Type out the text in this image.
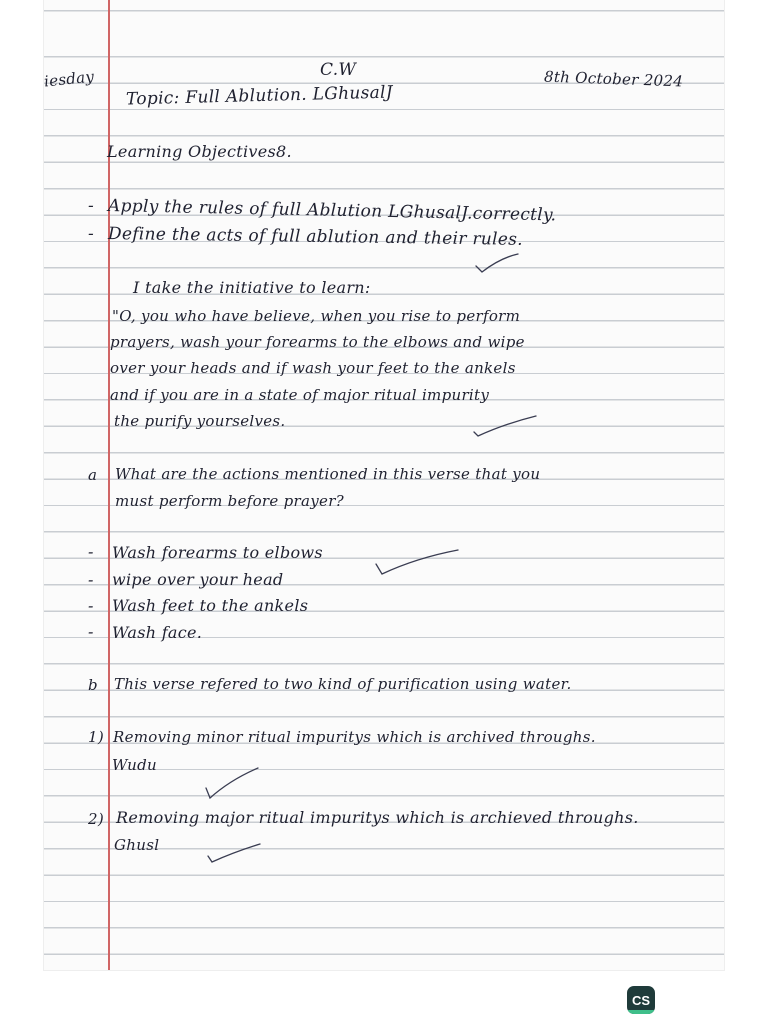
iesday	C.W	8th October 2024
Topic: Full Ablution. LGhusalJ
Learning Objectives8.
- Apply the rules of full Ablution LGhusalJ.correctly.
- Define the acts of full ablution and their rules.
I take the initiative to learn:
"O, you who have believe, when you rise to perform
prayers, wash your forearms to the elbows and wipe
over your heads and if wash your feet to the ankels
and if you are in a state of major ritual impurity
the purify yourselves.
a What are the actions mentioned in this verse that you
must perform before prayer?
- Wash forearms to elbows
- wipe over your head
- Wash feet to the ankels
- Wash face.
b This verse refered to two kind of purification using water.
1) Removing minor ritual impuritys which is archived throughs.
Wudu
2) Removing major ritual impuritys which is archieved throughs.
Ghusl
CS
